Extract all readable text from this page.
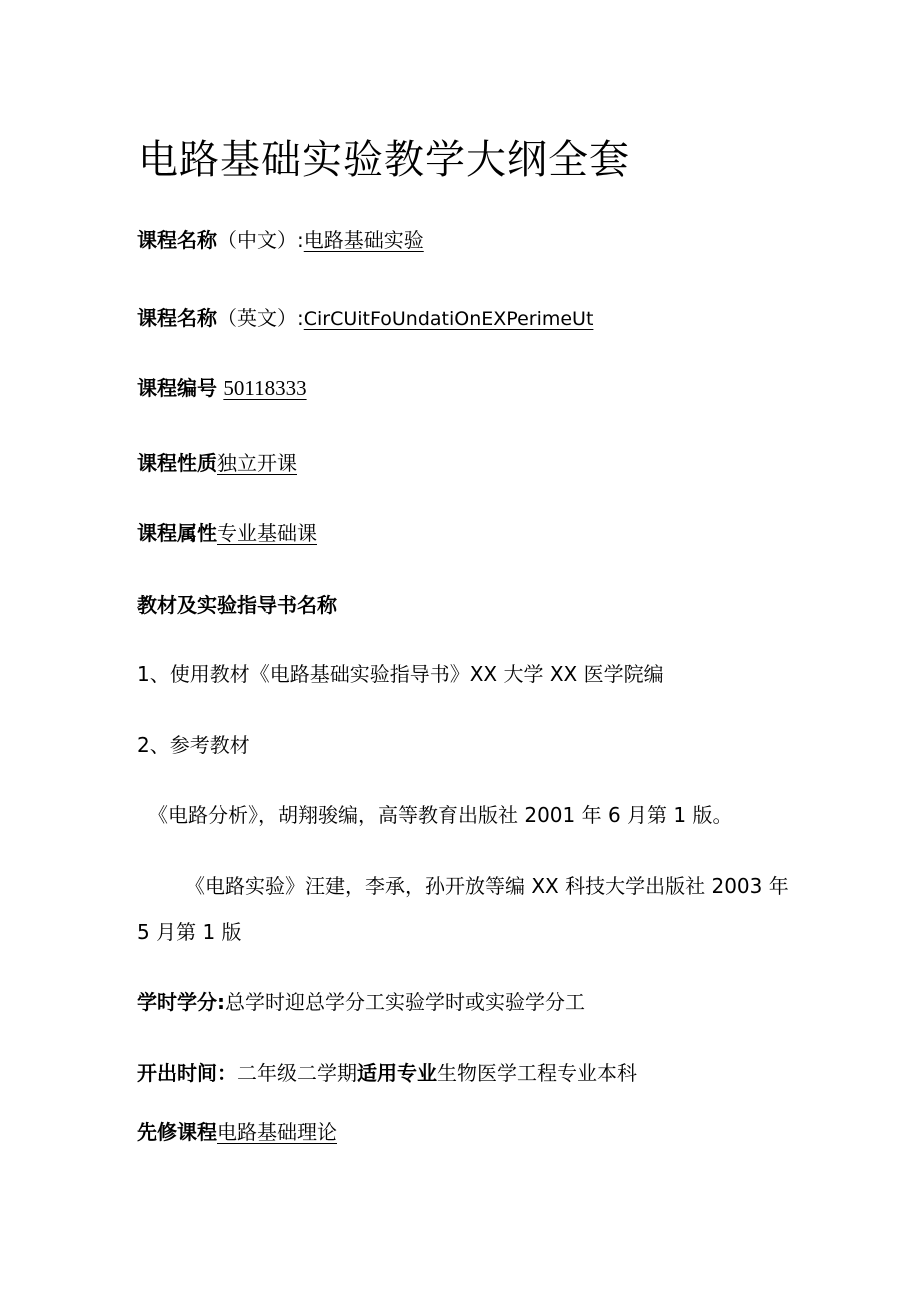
电路基础实验教学大纲全套
课程名称（中文）:电路基础实验
课程名称（英文）:CirCUitFoUndatiOnEXPerimeUt
课程编号 50118333
课程性质独立开课
课程属性专业基础课
教材及实验指导书名称
1、使用教材《电路基础实验指导书》XX 大学 XX 医学院编
2、参考教材
《电路分析》，胡翔骏编，高等教育出版社 2001 年 6 月第 1 版。
《电路实验》汪建，李承，孙开放等编 XX 科技大学出版社 2003 年
5 月第 1 版
学时学分:总学时迎总学分工实验学时或实验学分工
开出时间：二年级二学期适用专业生物医学工程专业本科
先修课程电路基础理论
